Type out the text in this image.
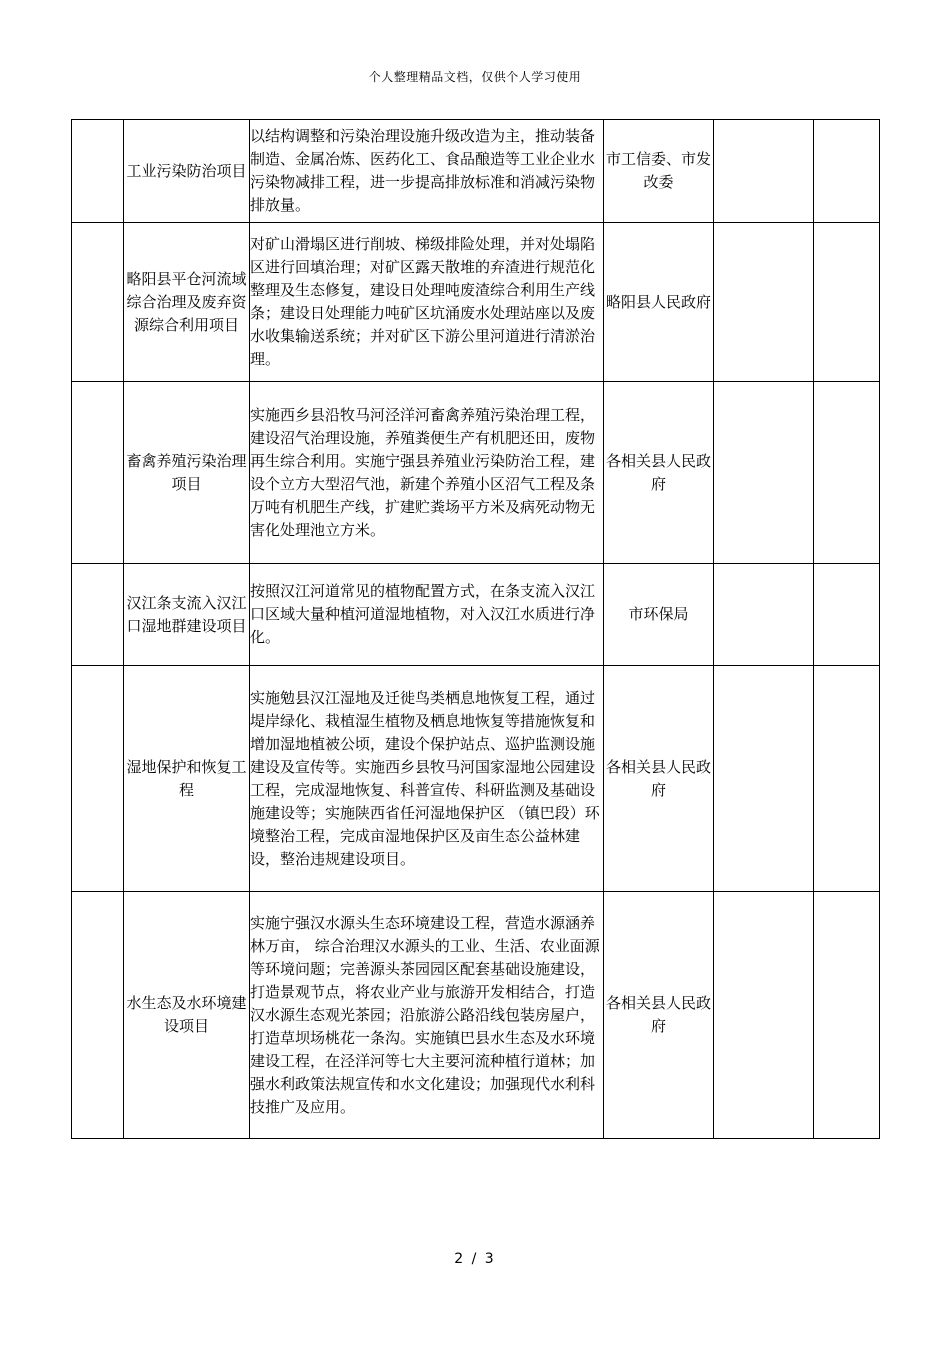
个人整理精品文档，仅供个人学习使用
	工业污染防治项目	以结构调整和污染治理设施升级改造为主，推动装备制造、金属冶炼、医药化工、食品酿造等工业企业水污染物减排工程，进一步提高排放标准和消减污染物排放量。	市工信委、市发改委		
	略阳县平仓河流域综合治理及废弃资源综合利用项目	对矿山滑塌区进行削坡、梯级排险处理，并对处塌陷区进行回填治理；对矿区露天散堆的弃渣进行规范化整理及生态修复，建设日处理吨废渣综合利用生产线条；建设日处理能力吨矿区坑涌废水处理站座以及废水收集输送系统；并对矿区下游公里河道进行清淤治理。	略阳县人民政府		
	畜禽养殖污染治理项目	实施西乡县沿牧马河泾洋河畜禽养殖污染治理工程，建设沼气治理设施，养殖粪便生产有机肥还田，废物再生综合利用。实施宁强县养殖业污染防治工程，建设个立方大型沼气池，新建个养殖小区沼气工程及条万吨有机肥生产线，扩建贮粪场平方米及病死动物无害化处理池立方米。	各相关县人民政府		
	汉江条支流入汉江口湿地群建设项目	按照汉江河道常见的植物配置方式，在条支流入汉江口区域大量种植河道湿地植物，对入汉江水质进行净化。	市环保局		
	湿地保护和恢复工程	实施勉县汉江湿地及迁徙鸟类栖息地恢复工程，通过堤岸绿化、栽植湿生植物及栖息地恢复等措施恢复和增加湿地植被公顷，建设个保护站点、巡护监测设施建设及宣传等。实施西乡县牧马河国家湿地公园建设工程，完成湿地恢复、科普宣传、科研监测及基础设施建设等；实施陕西省任河湿地保护区 （镇巴段）环境整治工程，完成亩湿地保护区及亩生态公益林建设，整治违规建设项目。	各相关县人民政府		
	水生态及水环境建设项目	实施宁强汉水源头生态环境建设工程，营造水源涵养林万亩， 综合治理汉水源头的工业、生活、农业面源等环境问题；完善源头茶园园区配套基础设施建设，打造景观节点，将农业产业与旅游开发相结合，打造汉水源生态观光茶园；沿旅游公路沿线包装房屋户，打造草坝场桃花一条沟。实施镇巴县水生态及水环境建设工程，在泾洋河等七大主要河流种植行道林；加强水利政策法规宣传和水文化建设；加强现代水利科技推广及应用。	各相关县人民政府		
2 / 3
